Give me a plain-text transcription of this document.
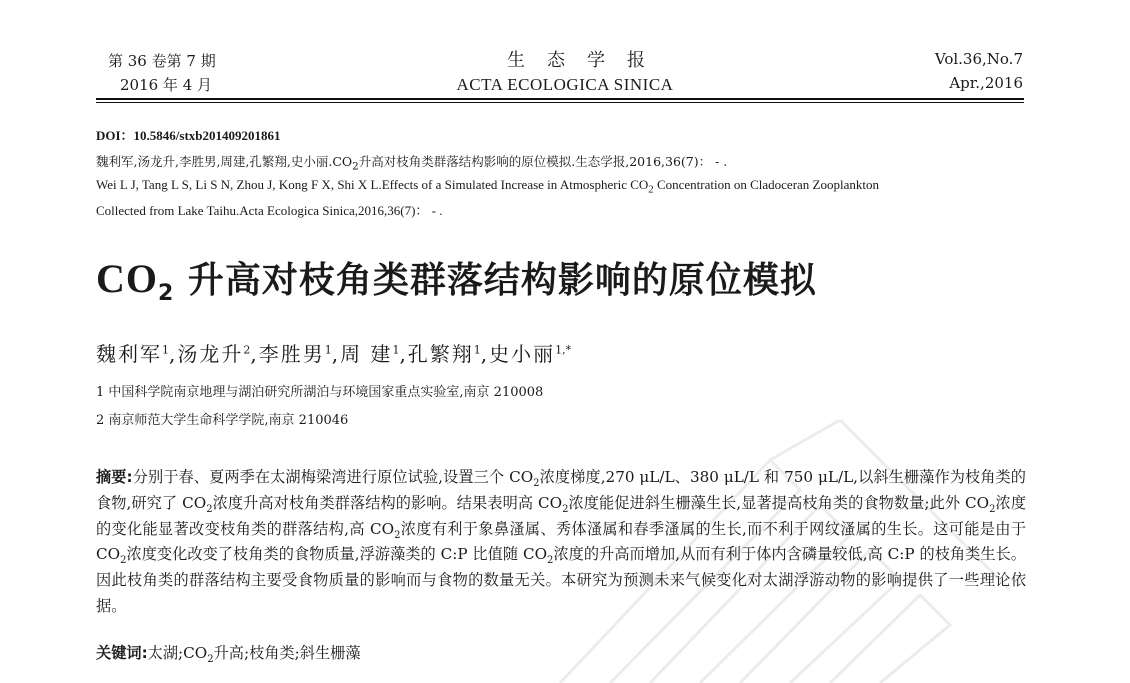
第 36 卷第 7 期
2016 年 4 月
生态学报
ACTA ECOLOGICA SINICA
Vol.36,No.7
Apr.,2016
DOI：10.5846/stxb201409201861
魏利军,汤龙升,李胜男,周建,孔繁翔,史小丽$.CO_2$升高对枝角类群落结构影响的原位模拟.生态学报,2016,36(7)： - .
Wei L J, Tang L S, Li S N, Zhou J, Kong F X, Shi X L.Effects of a Simulated Increase in Atmospheric $CO_2$ Concentration on Cladoceran Zooplankton
Collected from Lake Taihu.Acta Ecologica Sinica,2016,36(7)： - .
$CO_2$ 升高对枝角类群落结构影响的原位模拟
魏利军$^1$,汤龙升$^2$,李胜男$^1$,周 建$^1$,孔繁翔$^1$,史小丽$^{1,*}$
1 中国科学院南京地理与湖泊研究所湖泊与环境国家重点实验室,南京 210008
2 南京师范大学生命科学学院,南京 210046
摘要:分别于春、夏两季在太湖梅梁湾进行原位试验,设置三个 $CO_2$浓度梯度,270 μL/L、380 μL/L 和 750 μL/L,以斜生栅藻作为枝角类的食物,研究了 $CO_2$浓度升高对枝角类群落结构的影响。结果表明高 $CO_2$浓度能促进斜生栅藻生长,显著提高枝角类的食物数量;此外 $CO_2$浓度的变化能显著改变枝角类的群落结构,高 $CO_2$浓度有利于象鼻溞属、秀体溞属和春季溞属的生长,而不利于网纹溞属的生长。这可能是由于 $CO_2$浓度变化改变了枝角类的食物质量,浮游藻类的 C:P 比值随 $CO_2$浓度的升高而增加,从而有利于体内含磷量较低,高 C:P 的枝角类生长。因此枝角类的群落结构主要受食物质量的影响而与食物的数量无关。本研究为预测未来气候变化对太湖浮游动物的影响提供了一些理论依据。
关键词:太湖$;CO_2$升高;枝角类;斜生栅藻
